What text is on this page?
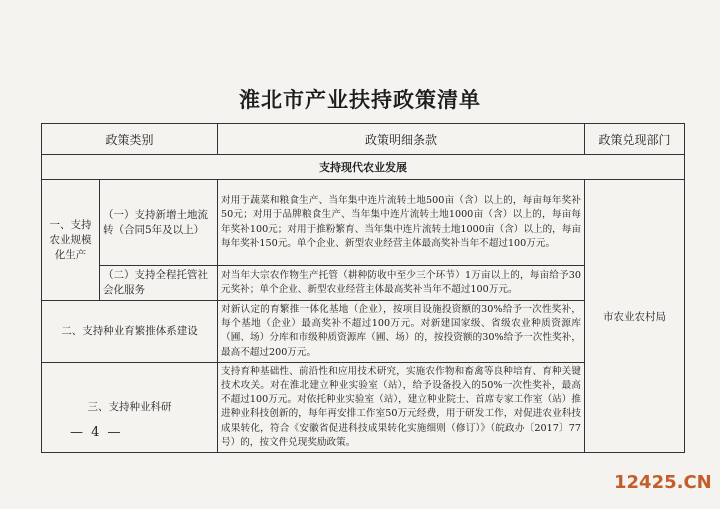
淮北市产业扶持政策清单
政策类别		政策明细条款	政策兑现部门
支持现代农业发展			
一、支持农业规模化生产	（一）支持新增土地流转（合同5年及以上）	对用于蔬菜和粮食生产、当年集中连片流转土地500亩（含）以上的，每亩每年奖补50元；对用于品牌粮食生产、当年集中连片流转土地1000亩（含）以上的，每亩每年奖补100元；对用于推粉繁育、当年集中连片流转土地1000亩（含）以上的，每亩每年奖补150元。单个企业、新型农业经营主体最高奖补当年不超过100万元。	市农业农村局
	（二）支持全程托管社会化服务	对当年大宗农作物生产托管（耕种防收中至少三个环节）1万亩以上的，每亩给予30元奖补；单个企业、新型农业经营主体最高奖补当年不超过100万元。	
二、支持种业育繁推体系建设		对新认定的育繁推一体化基地（企业），按项目设施投资额的30%给予一次性奖补，每个基地（企业）最高奖补不超过100万元。对新建国家级、省级农业种质资源库（圃、场）分库和市级种质资源库（圃、场）的，按投资额的30%给予一次性奖补，最高不超过200万元。	
三、支持种业科研		支持育种基础性、前沿性和应用技术研究，实施农作物和畜禽等良种培育、育种关键技术攻关。对在淮北建立种业实验室（站），给予设备投入的50%一次性奖补，最高不超过100万元。对依托种业实验室（站），建立种业院士、首席专家工作室（站）推进种业科技创新的，每年再安排工作室50万元经费，用于研发工作，对促进农业科技成果转化，符合《安徽省促进科技成果转化实施细则（修订）》（皖政办〔2017〕77号）的，按文件兑现奖励政策。	
— 4 —
12425.CN
